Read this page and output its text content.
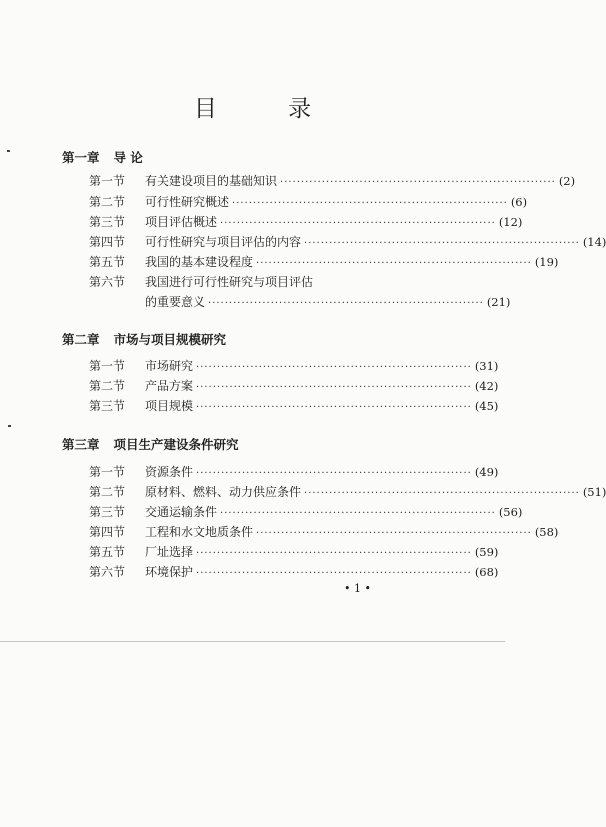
目 录
第一章 导 论
第一节	有关建设项目的基础知识 ·································································· (2)
第二节	可行性研究概述 ·································································· (6)
第三节	项目评估概述 ·································································· (12)
第四节	可行性研究与项目评估的内容 ·································································· (14)
第五节	我国的基本建设程度 ·································································· (19)
第六节	我国进行可行性研究与项目评估
的重要意义 ·································································· (21)
第二章 市场与项目规模研究
第一节	市场研究 ·································································· (31)
第二节	产品方案 ·································································· (42)
第三节	项目规模 ·································································· (45)
第三章 项目生产建设条件研究
第一节	资源条件 ·································································· (49)
第二节	原材料、燃料、动力供应条件 ·································································· (51)
第三节	交通运输条件 ·································································· (56)
第四节	工程和水文地质条件 ·································································· (58)
第五节	厂址选择 ·································································· (59)
第六节	环境保护 ·································································· (68)
• 1 •
